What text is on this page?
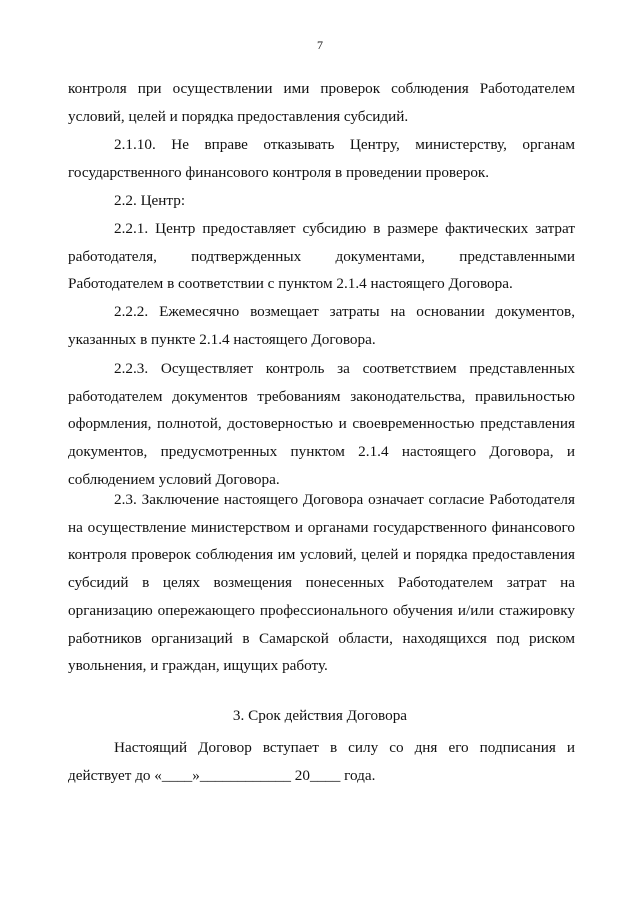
7
контроля при осуществлении ими проверок соблюдения Работодателем
условий, целей и порядка предоставления субсидий.
2.1.10. Не вправе отказывать Центру, министерству, органам
государственного финансового контроля в проведении проверок.
2.2. Центр:
2.2.1. Центр предоставляет субсидию в размере фактических затрат
работодателя, подтвержденных документами, представленными
Работодателем в соответствии с пунктом 2.1.4 настоящего Договора.
2.2.2. Ежемесячно возмещает затраты на основании документов,
указанных в пункте 2.1.4 настоящего Договора.
2.2.3. Осуществляет контроль за соответствием представленных
работодателем документов требованиям законодательства, правильностью
оформления, полнотой, достоверностью и своевременностью представления
документов, предусмотренных пунктом 2.1.4 настоящего Договора, и
соблюдением условий Договора.
2.3. Заключение настоящего Договора означает согласие Работодателя
на осуществление министерством и органами государственного финансового
контроля проверок соблюдения им условий, целей и порядка предоставления
субсидий в целях возмещения понесенных Работодателем затрат на
организацию опережающего профессионального обучения и/или стажировку
работников организаций в Самарской области, находящихся под риском
увольнения, и граждан, ищущих работу.
3. Срок действия Договора
Настоящий Договор вступает в силу со дня его подписания и
действует до «____»____________ 20____ года.
